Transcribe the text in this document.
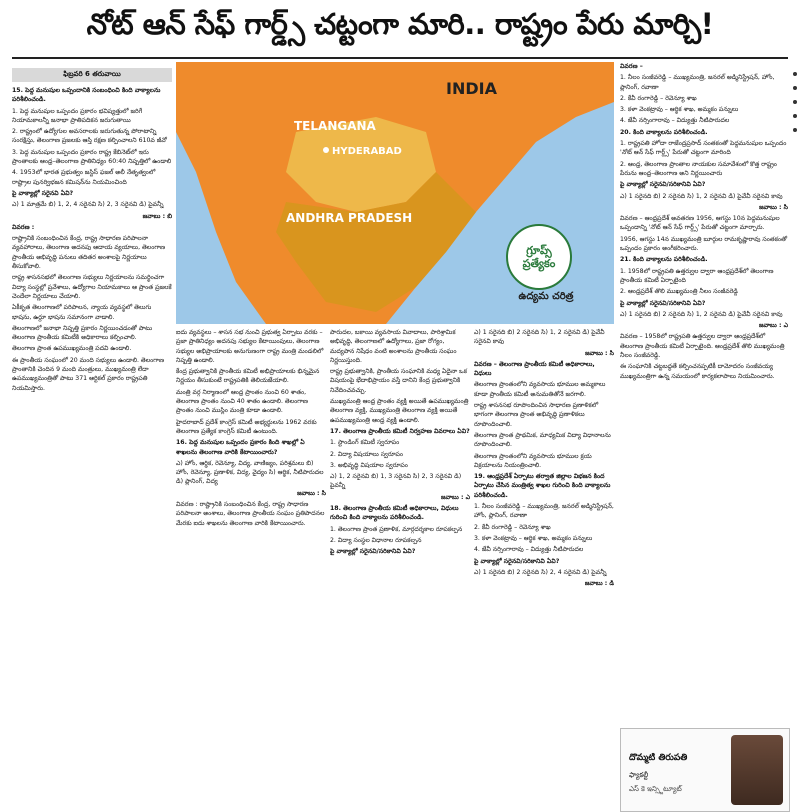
నోట్ ఆన్ సేఫ్ గార్డ్స్ చట్టంగా మారి.. రాష్ట్రం పేరు మార్చి!
ఫిబ్రవరి 6 తరువాయి
INDIA
TELANGANA
HYDERABAD
ANDHRA PRADESH
గ్రూప్స్ ప్రత్యేకం
ఉద్యమ చరిత్ర

15. పెద్ద మనుషుల ఒప్పందానికి సంబంధించి కింది వాక్యాలను పరిశీలించండి.

1. పెద్ద మనుషుల ఒప్పందం ప్రకారం భవిష్యత్తులో జరిగే నియామకాలన్నీ జనాభా ప్రాతిపదికన జరుగుతాయి

2. రాష్ట్రంలో ఉద్యోగుల అవసరాలకు జరుగుతున్న పోరాటాన్ని సంరక్షిస్తు, తెలంగాణ ప్రజలకు ఆస్తి రక్షణ కల్పించాలని 610వ జీవో

3. పెద్ద మనుషుల ఒప్పందం ప్రకారం రాష్ట్ర కేబినెట్‌లో ఇరు ప్రాంతాలకు ఆంధ్ర–తెలంగాణ ప్రాతినిధ్యం 60:40 నిష్పత్తిలో ఉండాలి

4. 1953లో భారత ప్రభుత్వం జస్టిస్ ఫజల్ అలీ నేతృత్వంలో రాష్ట్రాల పునర్విభజన కమిషన్‌ను నియమించింది

పై వాక్యాల్లో సరైనవి ఏవి?

ఎ) 1 మాత్రమే బి) 1, 2, 4 సరైనవి సి) 2, 3 సరైనవి డి) పైవన్నీ

జవాబు : బి

వివరణ :

రాష్ట్రానికి సంబంధించిన కేంద్ర, రాష్ట్ర సాధారణ పరిపాలనా వ్యవహారాలు, తెలంగాణ అదనపు ఆదాయ వ్యయాలు, తెలంగాణ ప్రాంతీయ అభివృద్ధి పనులు తదితర అంశాలపై నిర్ణయాలు తీసుకోవాలి.

రాష్ట్ర శాసనసభలో తెలంగాణ సభ్యులు నిర్ణయాలను సమర్థించగా విద్యా సంస్థల్లో ప్రవేశాలు, ఉద్యోగాల నియామకాలు ఆ ప్రాంత ప్రజలకే చెందేలా నిర్ణయాలు చేయాలి.

ఏకీకృత తెలంగాణలో పరిపాలన, న్యాయ వ్యవస్థలో తెలుగు భాషను, ఉర్దూ భాషను సమానంగా వాడాలి.

తెలంగాణలో జనాభా నిష్పత్తి ప్రకారం నిర్ణయించడంతో పాటు తెలంగాణ ప్రాంతీయ కమిటీకి అధికారాలు కల్పించాలి.

తెలంగాణ ప్రాంత ఉపముఖ్యమంత్రి పదవి ఉండాలి.

ఈ ప్రాంతీయ సంఘంలో 20 మంది సభ్యులు ఉండాలి. తెలంగాణ ప్రాంతానికి చెందిన 9 మంది మంత్రులు, ముఖ్యమంత్రి లేదా ఉపముఖ్యమంత్రితో పాటు 371 ఆర్టికల్ ప్రకారం రాష్ట్రపతి నియమిస్తారు.

ఐదు వ్యవస్థలు – శాసన సభ నుంచి ప్రభుత్వ ఏర్పాటు వరకు – ప్రజా ప్రాతినిధ్యం అదనపు సభ్యుల కేటాయింపులు, తెలంగాణ సభ్యుల అభిప్రాయాలకు అనుగుణంగా రాష్ట్ర మంత్రి మండలిలో నిష్పత్తి ఉండాలి.

కేంద్ర ప్రభుత్వానికి ప్రాంతీయ కమిటీ అభిప్రాయాలకు భిన్నమైన నిర్ణయం తీసుకుంటే రాష్ట్రపతికి తెలియజేయాలి.

మంత్రి వర్గ నిర్మాణంలో ఆంధ్ర ప్రాంతం నుంచి 60 శాతం, తెలంగాణ ప్రాంతం నుంచి 40 శాతం ఉండాలి. తెలంగాణ ప్రాంతం నుంచి ముస్లిం మంత్రి కూడా ఉండాలి.

హైదరాబాద్ ప్రదేశ్ కాంగ్రెస్ కమిటీ అభ్యర్థులను 1962 వరకు తెలంగాణ ప్రత్యేక కాంగ్రెస్ కమిటీ ఉంటుంది.

16. పెద్ద మనుషుల ఒప్పందం ప్రకారం కింది శాఖల్లో ఏ శాఖలను తెలంగాణ వారికి కేటాయించారు?

ఎ) హోం, ఆర్థిక, రెవెన్యూ, విద్య, వాణిజ్యం, పరిశ్రమలు బి) హోం, రెవెన్యూ, ప్రణాళిక, విద్య, వైద్యం సి) ఆర్థిక, నీటిపారుదల డి) ప్లానింగ్, విద్య

జవాబు : సి

వివరణ : రాష్ట్రానికి సంబంధించిన కేంద్ర, రాష్ట్ర సాధారణ పరిపాలనా అంశాలు, తెలంగాణ ప్రాంతీయ సంఘం ప్రతిపాదనల మేరకు ఐదు శాఖలను తెలంగాణ వారికి కేటాయించారు.

పారుదల, బకాయి వ్యవసాయ వివాదాలు, పారిశ్రామిక అభివృద్ధి, తెలంగాణలో ఉద్యోగాలు, ప్రజా రోగ్యం, మద్యపాన నిషేధం వంటి అంశాలను ప్రాంతీయ సంఘం నిర్ణయిస్తుంది.

రాష్ట్ర ప్రభుత్వానికి, ప్రాంతీయ సంఘానికి మధ్య ఏదైనా ఒక విషయంపై భేదాభిప్రాయం వస్తే దానిని కేంద్ర ప్రభుత్వానికి నివేదించవచ్చు.

ముఖ్యమంత్రి ఆంధ్ర ప్రాంతం వ్యక్తి అయితే ఉపముఖ్యమంత్రి తెలంగాణ వ్యక్తి, ముఖ్యమంత్రి తెలంగాణ వ్యక్తి అయితే ఉపముఖ్యమంత్రి ఆంధ్ర వ్యక్తి ఉండాలి.

17. తెలంగాణ ప్రాంతీయ కమిటీ నిర్వహణ వివరాలు ఏవి?

1. స్టాండింగ్ కమిటీ స్వరూపం

2. విద్యా విషయాలు స్వరూపం

3. అభివృద్ధి విషయాల స్వరూపం

ఎ) 1, 2 సరైనవి బి) 1, 3 సరైనవి సి) 2, 3 సరైనవి డి) పైవన్నీ

జవాబు : ఎ

18. తెలంగాణ ప్రాంతీయ కమిటీ అధికారాలు, విధులు గురించి కింది వాక్యాలను పరిశీలించండి.

1. తెలంగాణ ప్రాంత ప్రణాళిక, మార్గదర్శకాల రూపకల్పన

2. విద్యా సంస్థల విధానాల రూపకల్పన

పై వాక్యాల్లో సరైనవి/సరికానివి ఏవి?

ఎ) 1 సరైనది బి) 2 సరైనది సి) 1, 2 సరైనవి డి) పైవేవీ సరైనవి కావు

జవాబు : సి

వివరణ – తెలంగాణ ప్రాంతీయ కమిటీ అధికారాలు, విధులు

తెలంగాణ ప్రాంతంలోని వ్యవసాయ భూముల అమ్మకాలు కూడా ప్రాంతీయ కమిటీ అనుమతితోనే జరగాలి.

రాష్ట్ర శాసనసభ రూపొందించిన సాధారణ ప్రణాళికలో భాగంగా తెలంగాణ ప్రాంత అభివృద్ధి ప్రణాళికలు రూపొందించాలి.

తెలంగాణ ప్రాంత ప్రాథమిక, మాధ్యమిక విద్యా విధానాలను రూపొందించాలి.

తెలంగాణ ప్రాంతంలోని వ్యవసాయ భూముల క్రయ విక్రయాలను నియంత్రించాలి.

19. ఆంధ్రప్రదేశ్ ఏర్పాటు తర్వాత జిల్లాల విభజన కింద ఏర్పాటు చేసిన మంత్రిత్వ శాఖల గురించి కింది వాక్యాలను పరిశీలించండి.

1. నీలం సంజీవరెడ్డి – ముఖ్యమంత్రి, జనరల్ అడ్మినిస్ట్రేషన్, హోం, ప్లానింగ్, రవాణా

2. కేవీ రంగారెడ్డి – రెవెన్యూ శాఖ

3. కళా వెంకట్రావు – ఆర్థిక శాఖ, అమ్మకం పన్నులు

4. జేవీ నర్సింగారావు – విద్యుత్తు నీటిపారుదల

పై వాక్యాల్లో సరైనవి/సరికానివి ఏవి?

ఎ) 1 సరైనది బి) 2 సరైనది సి) 2, 4 సరైనవి డి) పైవన్నీ

జవాబు : డి

వివరణ –

1. నీలం సంజీవరెడ్డి – ముఖ్యమంత్రి, జనరల్ అడ్మినిస్ట్రేషన్, హోం, ప్లానింగ్, రవాణా

2. కేవీ రంగారెడ్డి – రెవెన్యూ శాఖ

3. కళా వెంకట్రావు – ఆర్థిక శాఖ, అమ్మకం పన్నులు

4. జేవీ నర్సింగారావు – విద్యుత్తు నీటిపారుదల

20. కింది వాక్యాలను పరిశీలించండి.

1. రాష్ట్రపతి హోదా రాజేంద్రప్రసాద్ సంతకంతో పెద్దమనుషుల ఒప్పందం 'నోట్ ఆన్ సేఫ్ గార్డ్స్' పేరుతో చట్టంగా మారింది

2. ఆంధ్ర, తెలంగాణ ప్రాంతాల నాయకుల సమావేశంలో కొత్త రాష్ట్రం పేరును ఆంధ్ర–తెలంగాణ అని నిర్ణయించారు

పై వాక్యాల్లో సరైనవి/సరికానివి ఏవి?

ఎ) 1 సరైనది బి) 2 సరైనది సి) 1, 2 సరైనవి డి) పైవేవీ సరైనవి కావు

జవాబు : సి

వివరణ – ఆంధ్రప్రదేశ్ అవతరణ 1956, ఆగస్టు 10న పెద్దమనుషుల ఒప్పందాన్ని 'నోట్ ఆన్ సేఫ్ గార్డ్స్' పేరుతో చట్టంగా మార్చారు.

1956, ఆగస్టు 14న ముఖ్యమంత్రి బూర్గుల రామకృష్ణారావు సంతకంతో ఒప్పందం ప్రకారం అంగీకరించారు.

21. కింది వాక్యాలను పరిశీలించండి.

1. 1958లో రాష్ట్రపతి ఉత్తర్వుల ద్వారా ఆంధ్రప్రదేశ్‌లో తెలంగాణ ప్రాంతీయ కమిటీ ఏర్పాటైంది

2. ఆంధ్రప్రదేశ్ తొలి ముఖ్యమంత్రి నీలం సంజీవరెడ్డి

పై వాక్యాల్లో సరైనవి/సరికానివి ఏవి?

ఎ) 1 సరైనది బి) 2 సరైనది సి) 1, 2 సరైనవి డి) పైవేవీ సరైనవి కావు

జవాబు : ఎ

వివరణ – 1958లో రాష్ట్రపతి ఉత్తర్వుల ద్వారా ఆంధ్రప్రదేశ్‌లో తెలంగాణ ప్రాంతీయ కమిటీ ఏర్పాటైంది. ఆంధ్రప్రదేశ్ తొలి ముఖ్యమంత్రి నీలం సంజీవరెడ్డి.

ఈ సంఘానికి చట్టబద్ధతే కల్పించనప్పటికీ దామోదరం సంజీవయ్య ముఖ్యమంత్రిగా ఉన్న సమయంలో కార్యకలాపాలు నియమించారు.

దొమ్మటి తిరుపతి
ఫ్యాకల్టీ
ఎస్ కె ఇన్స్టిట్యూట్
